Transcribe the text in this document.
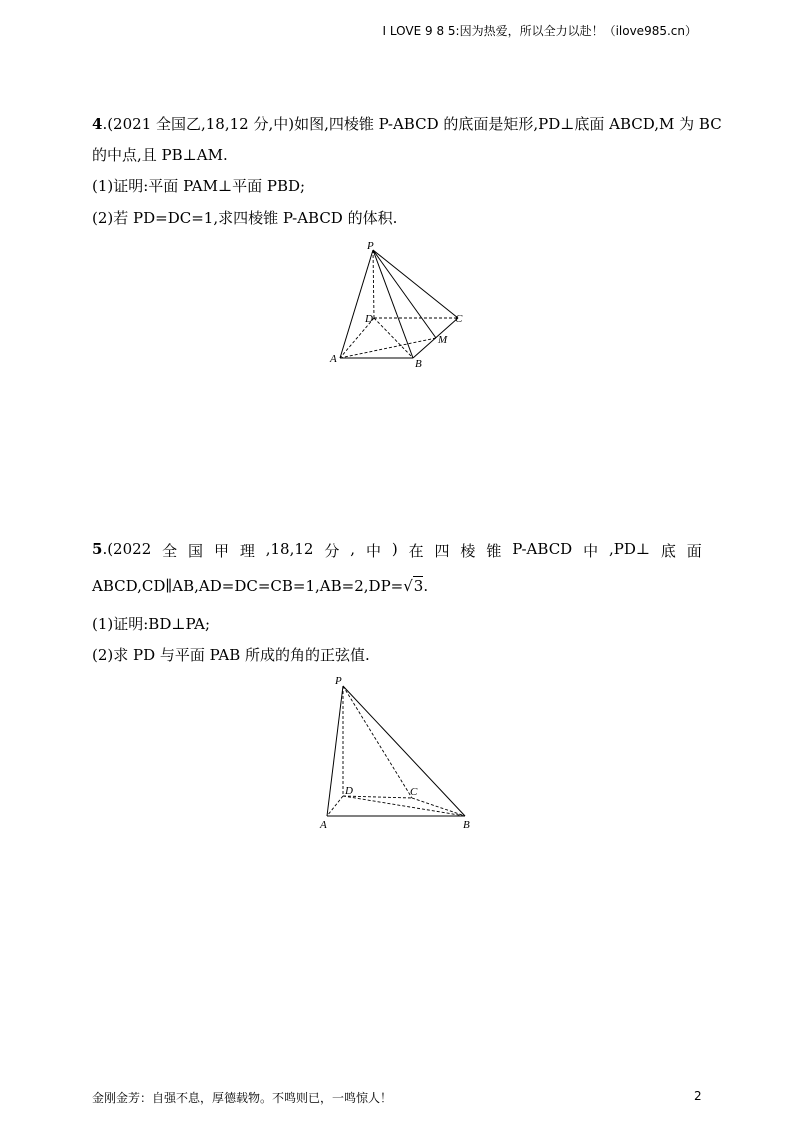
I LOVE 9 8 5:因为热爱，所以全力以赴！（ilove985.cn）
4.(2021 全国乙,18,12 分,中)如图,四棱锥 P-ABCD 的底面是矩形,PD⊥底面 ABCD,M 为 BC
的中点,且 PB⊥AM.
(1)证明:平面 PAM⊥平面 PBD;
(2)若 PD=DC=1,求四棱锥 P-ABCD 的体积.
P
D	C
M
A	B
5.(2022 全 国 甲 理 ,18,12 分 , 中 ) 在 四 棱 锥 P-ABCD 中 ,PD⊥ 底 面
ABCD,CD∥AB,AD=DC=CB=1,AB=2,DP=√3.
(1)证明:BD⊥PA;
(2)求 PD 与平面 PAB 所成的角的正弦值.
P
D	C
A	B
金刚金芳：自强不息，厚德载物。不鸣则已，一鸣惊人！	2
